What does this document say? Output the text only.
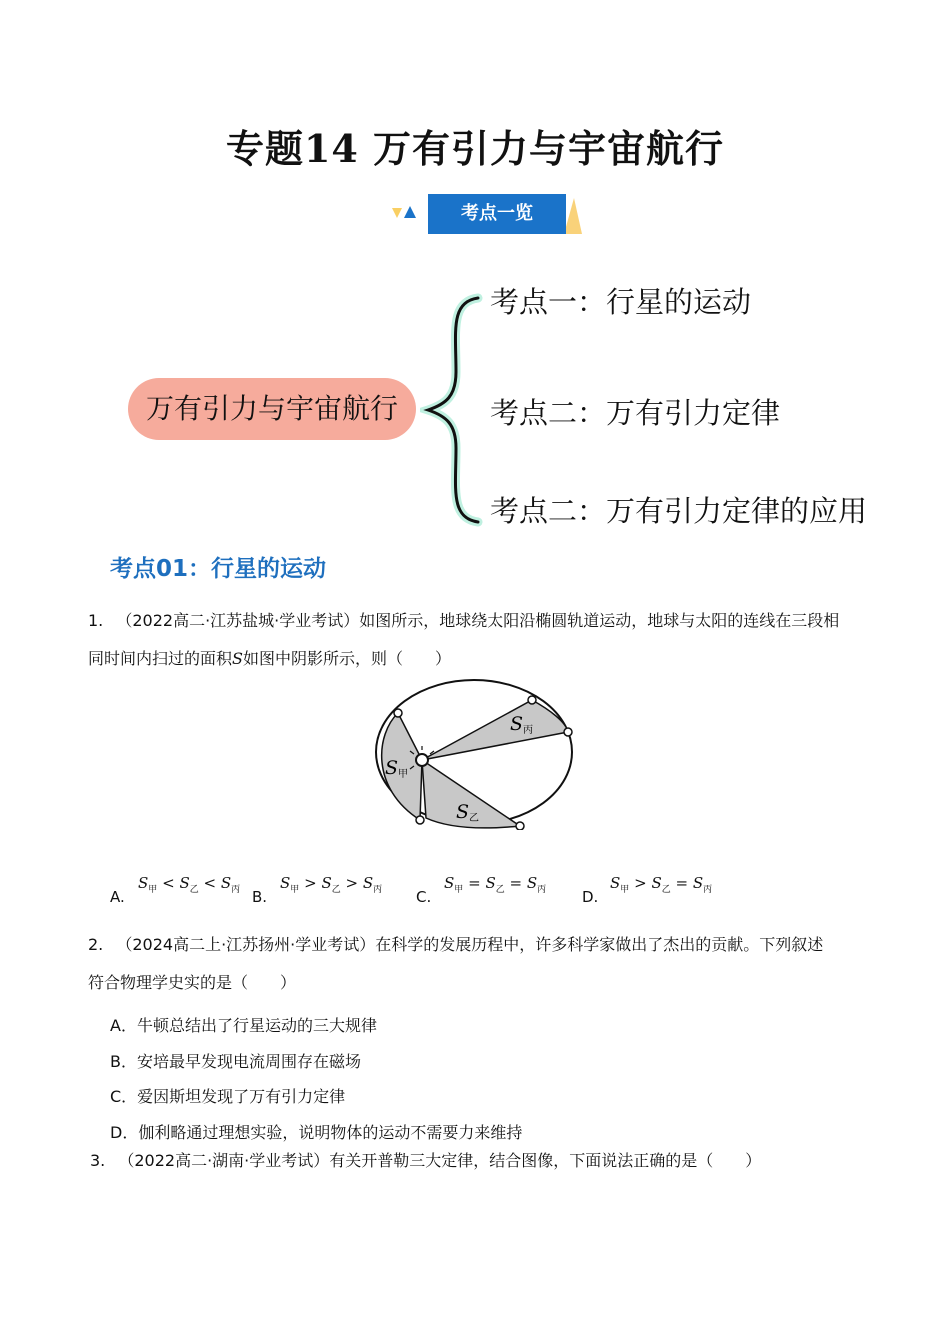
专题14 万有引力与宇宙航行
考点一览
万有引力与宇宙航行
考点一：行星的运动
考点二：万有引力定律
考点二：万有引力定律的应用
考点01：行星的运动
1. （2022高二·江苏盐城·学业考试）如图所示，地球绕太阳沿椭圆轨道运动，地球与太阳的连线在三段相
同时间内扫过的面积S如图中阴影所示，则（　　）
S甲
S乙
S丙
A.
$S_甲 < S_乙 < S_丙$ B.
$S_甲 > S_乙 > S_丙$ C.
$S_甲 = S_乙 = S_丙$ D.
$S_甲 > S_乙 = S_丙$
2. （2024高二上·江苏扬州·学业考试）在科学的发展历程中，许多科学家做出了杰出的贡献。下列叙述
符合物理学史实的是（　　）
A．牛顿总结出了行星运动的三大规律
B．安培最早发现电流周围存在磁场
C．爱因斯坦发现了万有引力定律
D．伽利略通过理想实验，说明物体的运动不需要力来维持
3. （2022高二·湖南·学业考试）有关开普勒三大定律，结合图像，下面说法正确的是（　　）
